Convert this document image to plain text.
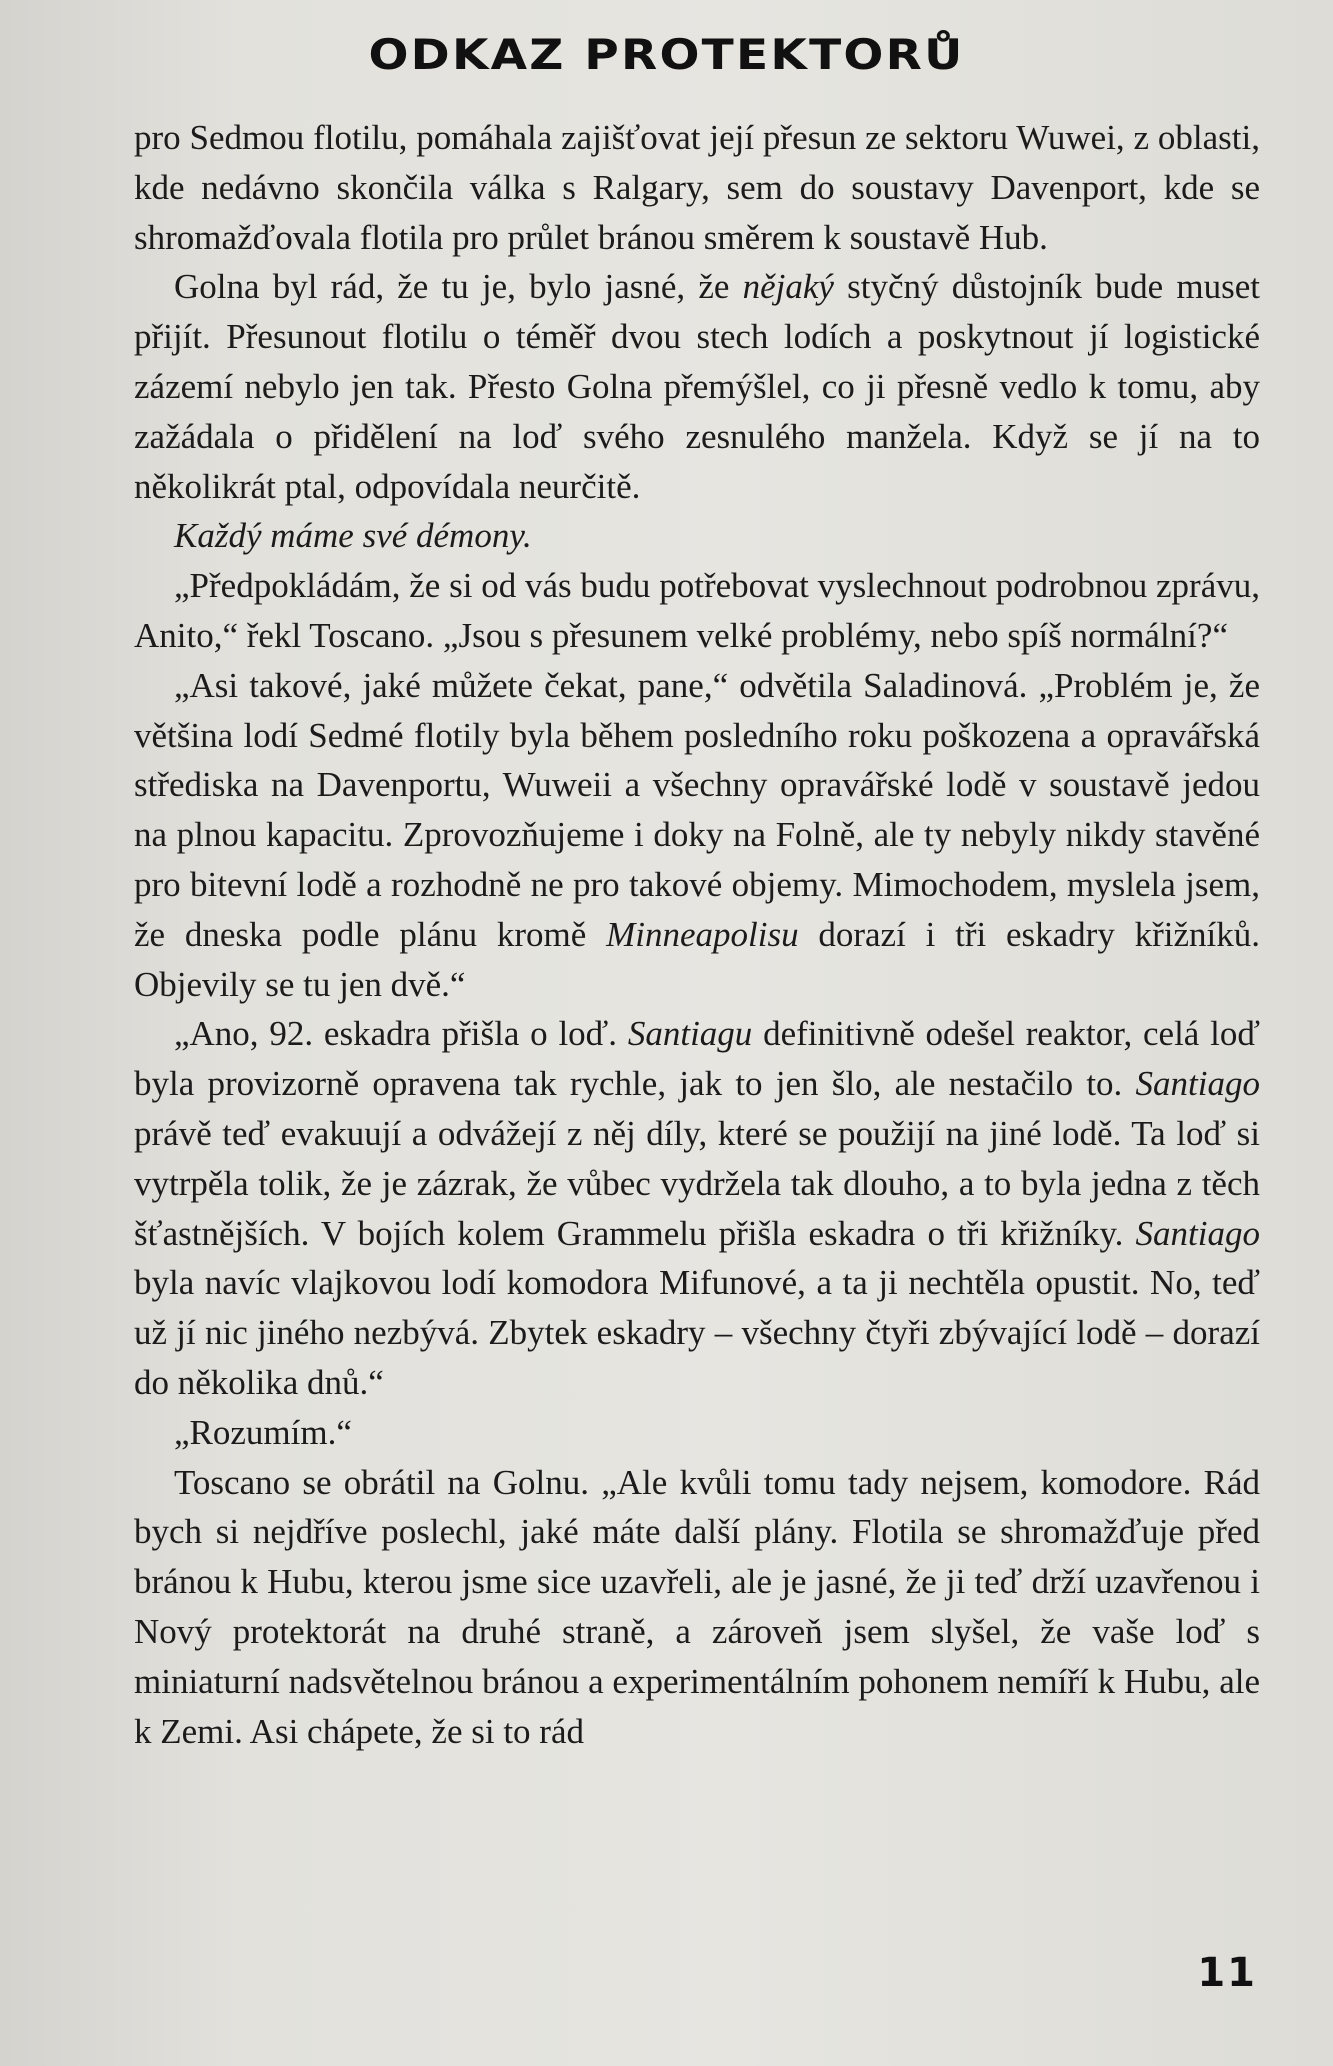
ODKAZ PROTEKTORŮ

pro Sedmou flotilu, pomáhala zajišťovat její přesun ze sektoru Wuwei, z oblasti, kde nedávno skončila válka s Ralgary, sem do soustavy Davenport, kde se shromažďovala flotila pro průlet bránou směrem k soustavě Hub.

Golna byl rád, že tu je, bylo jasné, že nějaký styčný důstojník bude muset přijít. Přesunout flotilu o téměř dvou stech lodích a poskytnout jí logistické zázemí nebylo jen tak. Přesto Golna přemýšlel, co ji přesně vedlo k tomu, aby zažádala o přidělení na loď svého zesnulého manžela. Když se jí na to několikrát ptal, odpovídala neurčitě.

Každý máme své démony.

„Předpokládám, že si od vás budu potřebovat vyslechnout podrobnou zprávu, Anito,“ řekl Toscano. „Jsou s přesunem velké problémy, nebo spíš normální?“

„Asi takové, jaké můžete čekat, pane,“ odvětila Saladinová. „Problém je, že většina lodí Sedmé flotily byla během posledního roku poškozena a opravářská střediska na Davenportu, Wuweii a všechny opravářské lodě v soustavě jedou na plnou kapacitu. Zprovozňujeme i doky na Folně, ale ty nebyly nikdy stavěné pro bitevní lodě a rozhodně ne pro takové objemy. Mimochodem, myslela jsem, že dneska podle plánu kromě Minneapolisu dorazí i tři eskadry křižníků. Objevily se tu jen dvě.“

„Ano, 92. eskadra přišla o loď. Santiagu definitivně odešel reaktor, celá loď byla provizorně opravena tak rychle, jak to jen šlo, ale nestačilo to. Santiago právě teď evakuují a odvážejí z něj díly, které se použijí na jiné lodě. Ta loď si vytrpěla tolik, že je zázrak, že vůbec vydržela tak dlouho, a to byla jedna z těch šťastnějších. V bojích kolem Grammelu přišla eskadra o tři křižníky. Santiago byla navíc vlajkovou lodí komodora Mifunové, a ta ji nechtěla opustit. No, teď už jí nic jiného nezbývá. Zbytek eskadry – všechny čtyři zbývající lodě – dorazí do několika dnů.“

„Rozumím.“

Toscano se obrátil na Golnu. „Ale kvůli tomu tady nejsem, komodore. Rád bych si nejdříve poslechl, jaké máte další plány. Flotila se shromažďuje před bránou k Hubu, kterou jsme sice uzavřeli, ale je jasné, že ji teď drží uzavřenou i Nový protektorát na druhé straně, a zároveň jsem slyšel, že vaše loď s miniaturní nadsvětelnou bránou a experimentálním pohonem nemíří k Hubu, ale k Zemi. Asi chápete, že si to rád

11
